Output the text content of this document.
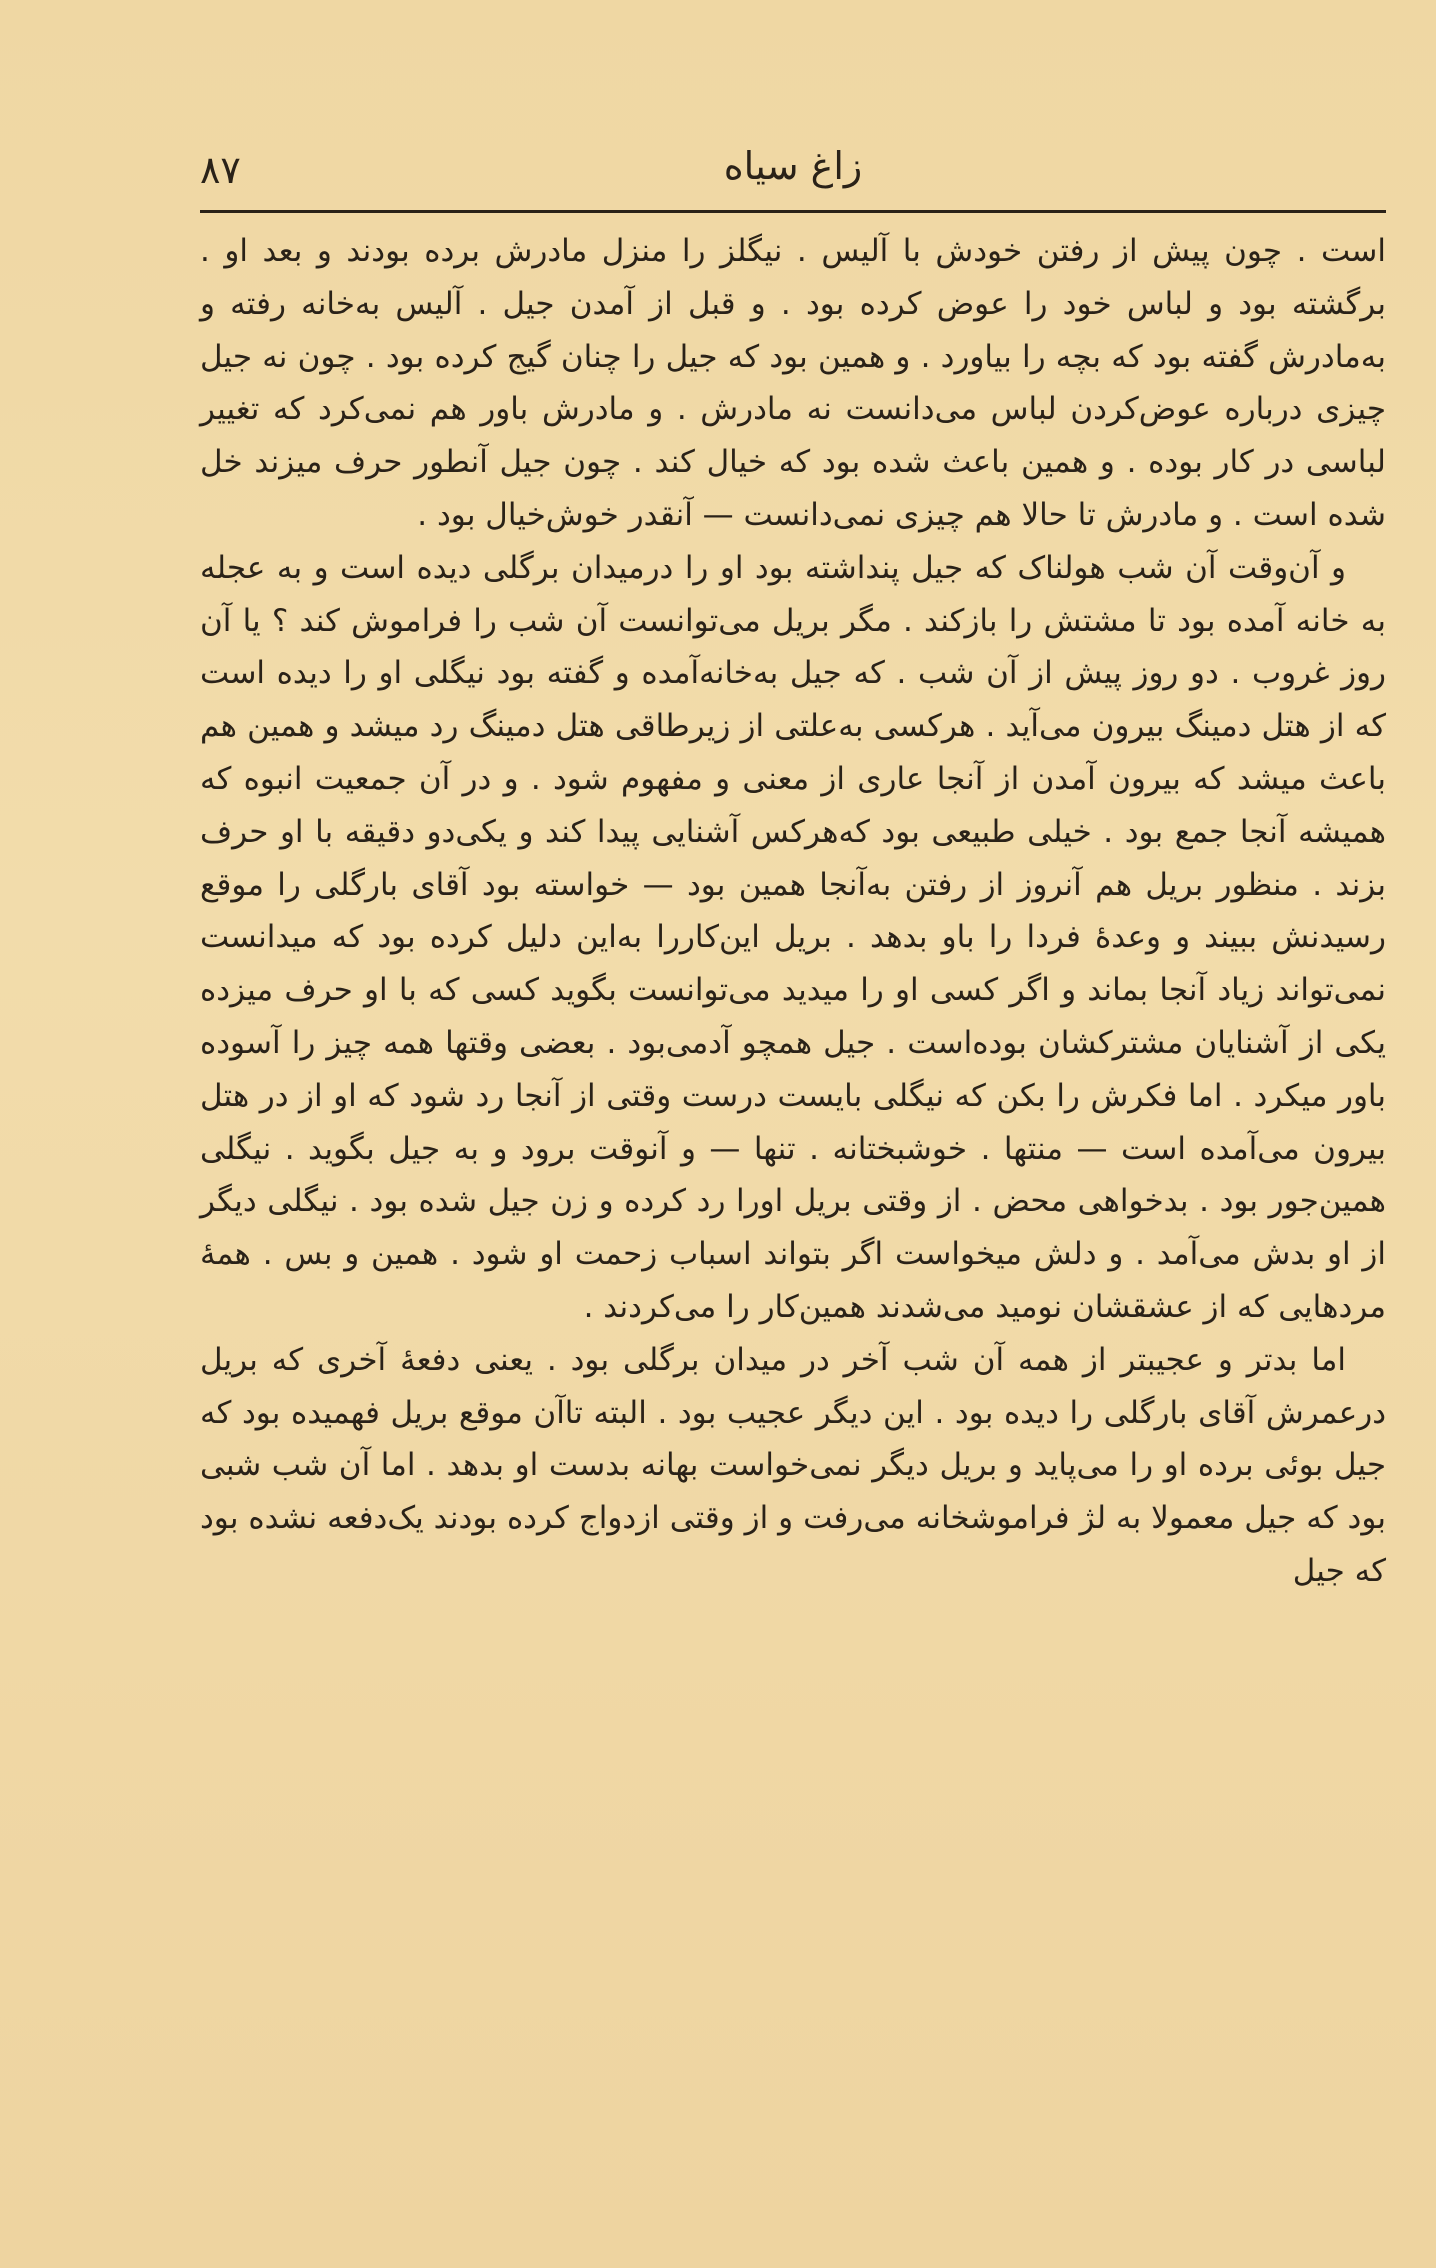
۸۷	زاغ سیاه

است . چون پیش از رفتن خودش با آلیس . نیگلز را منزل مادرش برده بودند و بعد او . برگشته بود و لباس خود را عوض کرده بود . و قبل از آمدن جیل . آلیس به‌خانه رفته و به‌مادرش گفته بود که بچه را بیاورد . و همین بود که جیل را چنان گیج کرده بود . چون نه جیل چیزی درباره عوض‌کردن لباس می‌دانست نه مادرش . و مادرش باور هم نمی‌کرد که تغییر لباسی در کار بوده . و همین باعث شده بود که خیال کند . چون جیل آنطور حرف میزند خل شده است . و مادرش تا حالا هم چیزی نمی‌دانست — آنقدر خوش‌خیال بود .

و آن‌وقت آن شب هولناک که جیل پنداشته بود او را درمیدان برگلی دیده است و به عجله به خانه آمده بود تا مشتش را بازکند . مگر بریل می‌توانست آن شب را فراموش کند ؟ یا آن روز غروب . دو روز پیش از آن شب . که جیل به‌خانه‌آمده و گفته بود نیگلی او را دیده است که از هتل دمینگ بیرون می‌آید . هرکسی به‌علتی از زیرطاقی هتل دمینگ رد میشد و همین هم باعث میشد که بیرون آمدن از آنجا عاری از معنی و مفهوم شود . و در آن جمعیت انبوه که همیشه آنجا جمع بود . خیلی طبیعی بود که‌هرکس آشنایی پیدا کند و یکی‌دو دقیقه با او حرف بزند . منظور بریل هم آنروز از رفتن به‌آنجا همین بود — خواسته بود آقای بارگلی را موقع رسیدنش ببیند و وعدهٔ فردا را باو بدهد . بریل این‌کاررا به‌این دلیل کرده بود که میدانست نمی‌تواند زیاد آنجا بماند و اگر کسی او را میدید می‌توانست بگوید کسی که با او حرف میزده یکی از آشنایان مشترکشان بوده‌است . جیل همچو آدمی‌بود . بعضی وقتها همه چیز را آسوده باور میکرد . اما فکرش را بکن که نیگلی بایست درست وقتی از آنجا رد شود که او از در هتل بیرون می‌آمده است — منتها . خوشبختانه . تنها — و آنوقت برود و به جیل بگوید . نیگلی همین‌جور بود . بدخواهی محض . از وقتی بریل اورا رد کرده و زن جیل شده بود . نیگلی دیگر از او بدش می‌آمد . و دلش میخواست اگر بتواند اسباب زحمت او شود . همین و بس . همهٔ مردهایی که از عشقشان نومید می‌شدند همین‌کار را می‌کردند .

اما بدتر و عجیبتر از همه آن شب آخر در میدان برگلی بود . یعنی دفعهٔ آخری که بریل درعمرش آقای بارگلی را دیده بود . این دیگر عجیب بود . البته تاآن موقع بریل فهمیده بود که جیل بوئی برده او را می‌پاید و بریل دیگر نمی‌خواست بهانه بدست او بدهد . اما آن شب شبی بود که جیل معمولا به لژ فراموشخانه می‌رفت و از وقتی ازدواج کرده بودند یک‌دفعه نشده بود که جیل
